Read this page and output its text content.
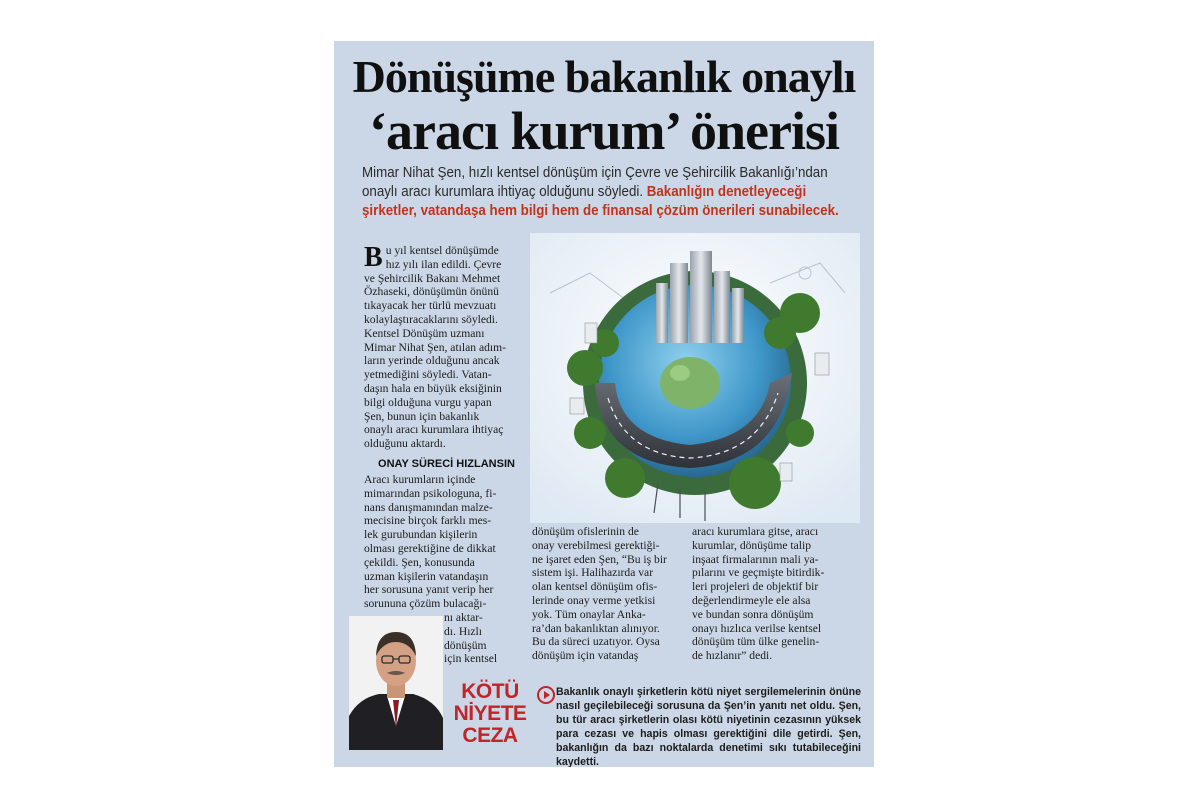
Dönüşüme bakanlık onaylı
‘aracı kurum’ önerisi
Mimar Nihat Şen, hızlı kentsel dönüşüm için Çevre ve Şehircilik Bakanlığı’ndan onaylı aracı kurumlara ihtiyaç olduğunu söyledi. Bakanlığın denetleyeceği şirketler, vatandaşa hem bilgi hem de finansal çözüm önerileri sunabilecek.
Bu yıl kentsel dönüşümde
hız yılı ilan edildi. Çevre
ve Şehircilik Bakanı Mehmet
Özhaseki, dönüşümün önünü
tıkayacak her türlü mevzuatı
kolaylaştıracaklarını söyledi.
Kentsel Dönüşüm uzmanı
Mimar Nihat Şen, atılan adım-
ların yerinde olduğunu ancak
yetmediğini söyledi. Vatan-
daşın hala en büyük eksiğinin
bilgi olduğuna vurgu yapan
Şen, bunun için bakanlık
onaylı aracı kurumlara ihtiyaç
olduğunu aktardı.
ONAY SÜRECİ HIZLANSIN
Aracı kurumların içinde
mimarından psikologuna, fi-
nans danışmanından malze-
mecisine birçok farklı mes-
lek gurubundan kişilerin
olması gerektiğine de dikkat
çekildi. Şen, konusunda
uzman kişilerin vatandaşın
her sorusuna yanıt verip her
sorununa çözüm bulacağı-
nı aktar-
dı. Hızlı
dönüşüm
için kentsel
dönüşüm ofislerinin de
onay verebilmesi gerektiği-
ne işaret eden Şen, “Bu iş bir
sistem işi. Halihazırda var
olan kentsel dönüşüm ofis-
lerinde onay verme yetkisi
yok. Tüm onaylar Anka-
ra’dan bakanlıktan alınıyor.
Bu da süreci uzatıyor. Oysa
dönüşüm için vatandaş
aracı kurumlara gitse, aracı
kurumlar, dönüşüme talip
inşaat firmalarının mali ya-
pılarını ve geçmişte bitirdik-
leri projeleri de objektif bir
değerlendirmeyle ele alsa
ve bundan sonra dönüşüm
onayı hızlıca verilse kentsel
dönüşüm tüm ülke genelin-
de hızlanır” dedi.
KÖTÜ
NİYETE
CEZA
Bakanlık onaylı şirketlerin kötü niyet sergilemelerinin önüne nasıl geçilebileceği sorusuna da Şen’in yanıtı net oldu. Şen, bu tür aracı şirketlerin olası kötü niyetinin cezasının yüksek para cezası ve hapis olması gerektiğini dile getirdi. Şen, bakanlığın da bazı noktalarda denetimi sıkı tutabileceğini kaydetti.
